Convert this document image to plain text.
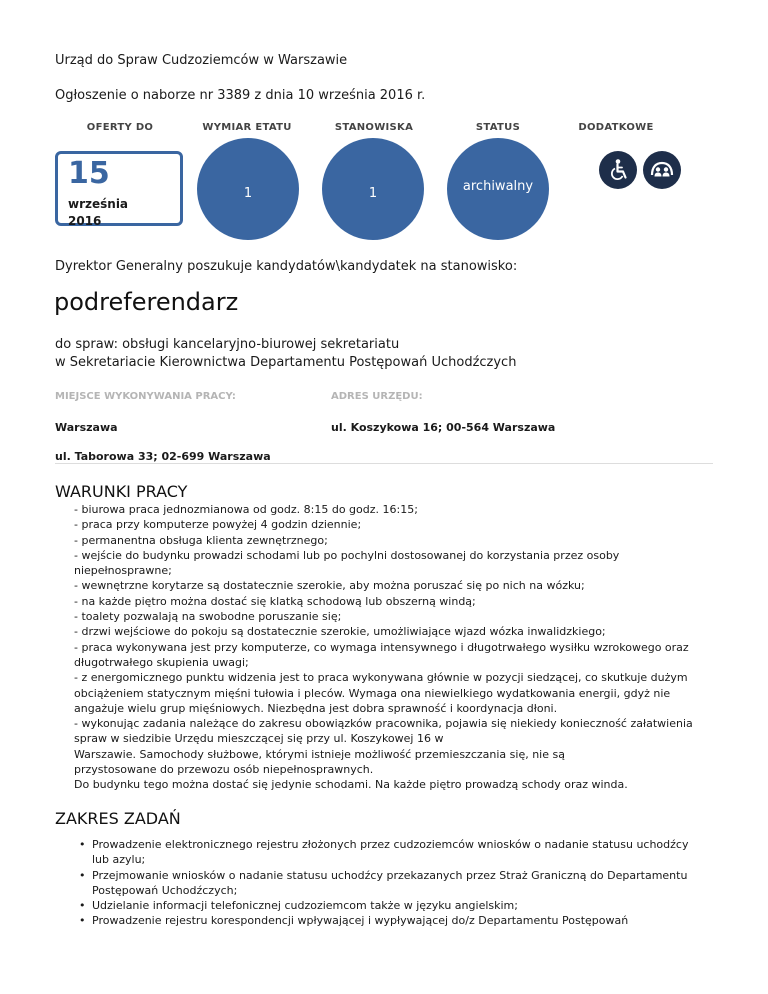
Urząd do Spraw Cudzoziemców w Warszawie
Ogłoszenie o naborze nr 3389 z dnia 10 września 2016 r.
OFERTY DO	WYMIAR ETATU	STANOWISKA	STATUS	DODATKOWE
15
września
2016
1	1	archiwalny
Dyrektor Generalny poszukuje kandydatów\kandydatek na stanowisko:
podreferendarz
do spraw: obsługi kancelaryjno-biurowej sekretariatu
w Sekretariacie Kierownictwa Departamentu Postępowań Uchodźczych
MIEJSCE WYKONYWANIA PRACY:	ADRES URZĘDU:
Warszawa	ul. Koszykowa 16; 00-564 Warszawa
ul. Taborowa 33; 02-699 Warszawa
WARUNKI PRACY
- biurowa praca jednozmianowa od godz. 8:15 do godz. 16:15;
- praca przy komputerze powyżej 4 godzin dziennie;
- permanentna obsługa klienta zewnętrznego;
- wejście do budynku prowadzi schodami lub po pochylni dostosowanej do korzystania przez osoby
niepełnosprawne;
- wewnętrzne korytarze są dostatecznie szerokie, aby można poruszać się po nich na wózku;
- na każde piętro można dostać się klatką schodową lub obszerną windą;
- toalety pozwalają na swobodne poruszanie się;
- drzwi wejściowe do pokoju są dostatecznie szerokie, umożliwiające wjazd wózka inwalidzkiego;
- praca wykonywana jest przy komputerze, co wymaga intensywnego i długotrwałego wysiłku wzrokowego oraz
długotrwałego skupienia uwagi;
- z energomicznego punktu widzenia jest to praca wykonywana głównie w pozycji siedzącej, co skutkuje dużym
obciążeniem statycznym mięśni tułowia i pleców. Wymaga ona niewielkiego wydatkowania energii, gdyż nie
angażuje wielu grup mięśniowych. Niezbędna jest dobra sprawność i koordynacja dłoni.
- wykonując zadania należące do zakresu obowiązków pracownika, pojawia się niekiedy konieczność załatwienia
spraw w siedzibie Urzędu mieszczącej się przy ul. Koszykowej 16 w
Warszawie. Samochody służbowe, którymi istnieje możliwość przemieszczania się, nie są
przystosowane do przewozu osób niepełnosprawnych.
Do budynku tego można dostać się jedynie schodami. Na każde piętro prowadzą schody oraz winda.
ZAKRES ZADAŃ
• Prowadzenie elektronicznego rejestru złożonych przez cudzoziemców wniosków o nadanie statusu uchodźcy
lub azylu;
• Przejmowanie wniosków o nadanie statusu uchodźcy przekazanych przez Straż Graniczną do Departamentu
Postępowań Uchodźczych;
• Udzielanie informacji telefonicznej cudzoziemcom także w języku angielskim;
• Prowadzenie rejestru korespondencji wpływającej i wypływającej do/z Departamentu Postępowań
